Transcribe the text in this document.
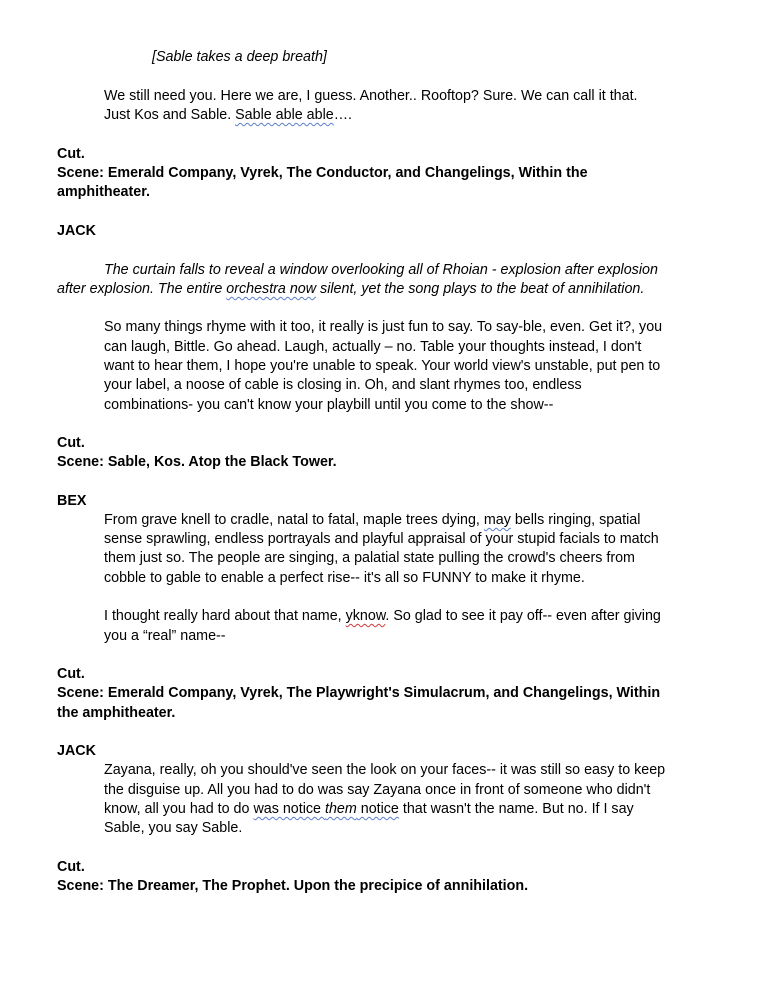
[Sable takes a deep breath]

We still need you. Here we are, I guess. Another.. Rooftop? Sure. We can call it that.

Just Kos and Sable. Sable able able….

Cut.

Scene: Emerald Company, Vyrek, The Conductor, and Changelings, Within the

amphitheater.

JACK

The curtain falls to reveal a window overlooking all of Rhoian - explosion after explosion

after explosion. The entire orchestra now silent, yet the song plays to the beat of annihilation.

So many things rhyme with it too, it really is just fun to say. To say-ble, even. Get it?, you

can laugh, Bittle. Go ahead. Laugh, actually – no. Table your thoughts instead, I don't

want to hear them, I hope you're unable to speak. Your world view's unstable, put pen to

your label, a noose of cable is closing in. Oh, and slant rhymes too, endless

combinations- you can't know your playbill until you come to the show--

Cut.

Scene: Sable, Kos. Atop the Black Tower.

BEX

From grave knell to cradle, natal to fatal, maple trees dying, may bells ringing, spatial

sense sprawling, endless portrayals and playful appraisal of your stupid facials to match

them just so. The people are singing, a palatial state pulling the crowd's cheers from

cobble to gable to enable a perfect rise-- it's all so FUNNY to make it rhyme.

I thought really hard about that name, yknow. So glad to see it pay off-- even after giving

you a “real” name--

Cut.

Scene: Emerald Company, Vyrek, The Playwright's Simulacrum, and Changelings, Within

the amphitheater.

JACK

Zayana, really, oh you should've seen the look on your faces-- it was still so easy to keep

the disguise up. All you had to do was say Zayana once in front of someone who didn't

know, all you had to do was notice them notice that wasn't the name. But no. If I say

Sable, you say Sable.

Cut.

Scene: The Dreamer, The Prophet. Upon the precipice of annihilation.
